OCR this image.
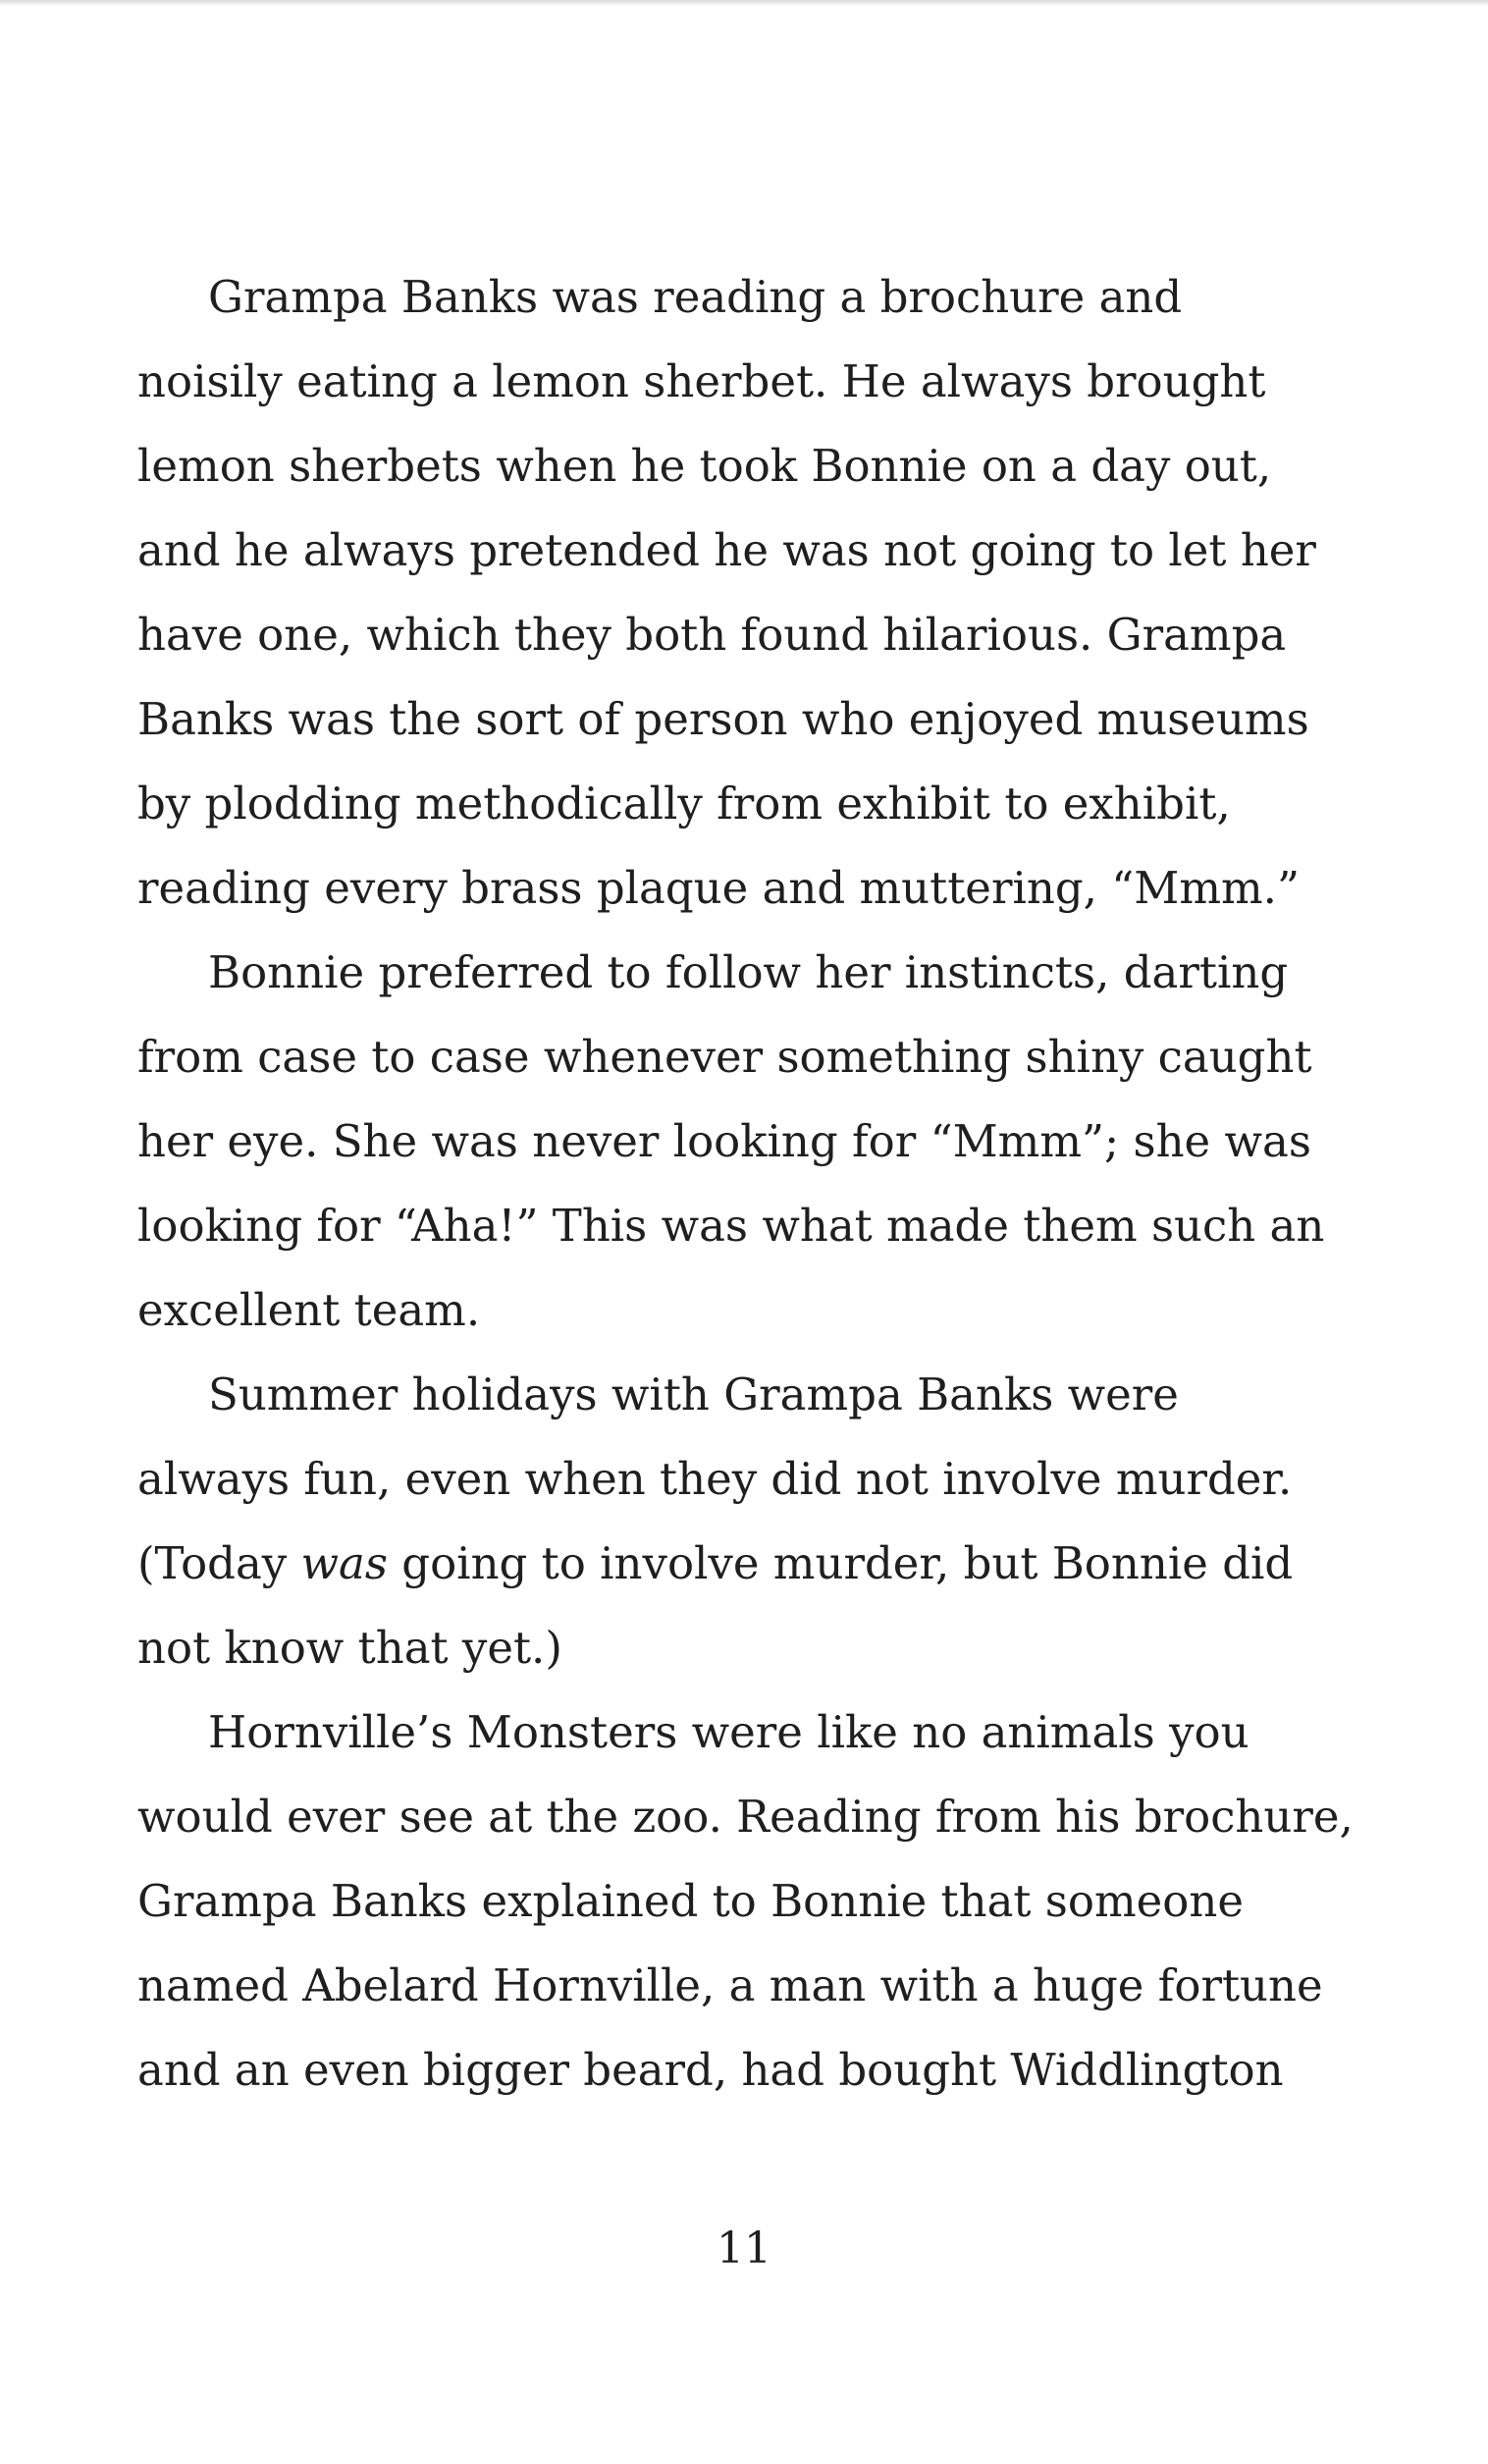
Grampa Banks was reading a brochure and
noisily eating a lemon sherbet. He always brought
lemon sherbets when he took Bonnie on a day out,
and he always pretended he was not going to let her
have one, which they both found hilarious. Grampa
Banks was the sort of person who enjoyed museums
by plodding methodically from exhibit to exhibit,
reading every brass plaque and muttering, “Mmm.”

Bonnie preferred to follow her instincts, darting
from case to case whenever something shiny caught
her eye. She was never looking for “Mmm”; she was
looking for “Aha!” This was what made them such an
excellent team.

Summer holidays with Grampa Banks were
always fun, even when they did not involve murder.
(Today was going to involve murder, but Bonnie did
not know that yet.)

Hornville’s Monsters were like no animals you
would ever see at the zoo. Reading from his brochure,
Grampa Banks explained to Bonnie that someone
named Abelard Hornville, a man with a huge fortune
and an even bigger beard, had bought Widdlington

11
